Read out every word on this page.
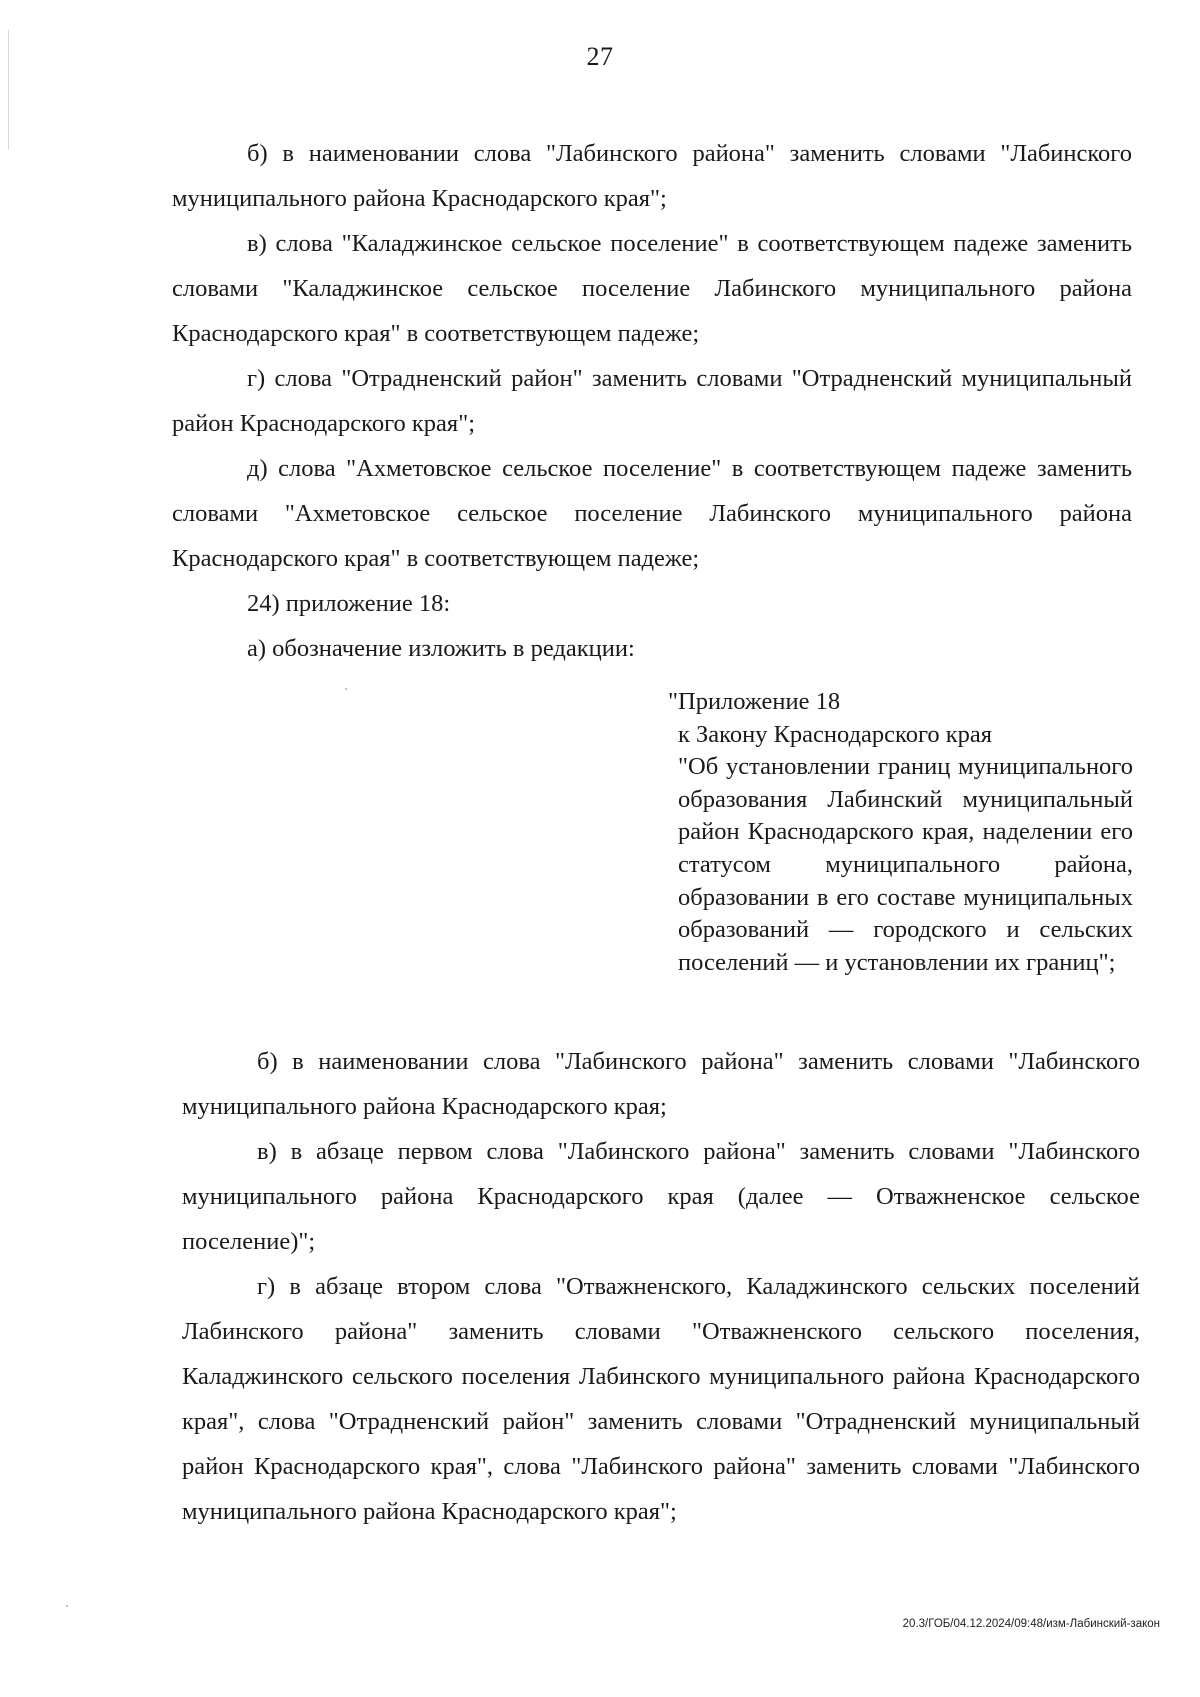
27

б) в наименовании слова "Лабинского района" заменить словами "Лабинского муниципального района Краснодарского края";

в) слова "Каладжинское сельское поселение" в соответствующем падеже заменить словами "Каладжинское сельское поселение Лабинского муниципального района Краснодарского края" в соответствующем падеже;

г) слова "Отрадненский район" заменить словами "Отрадненский муниципальный район Краснодарского края";

д) слова "Ахметовское сельское поселение" в соответствующем падеже заменить словами "Ахметовское сельское поселение Лабинского муниципального района Краснодарского края" в соответствующем падеже;

24) приложение 18:

а) обозначение изложить в редакции:

"Приложение 18

к Закону Краснодарского края

"Об установлении границ муниципального образования Лабинский муниципальный район Краснодарского края, наделении его статусом муниципального района, образовании в его составе муниципальных образований — городского и сельских поселений — и установлении их границ";

б) в наименовании слова "Лабинского района" заменить словами "Лабинского муниципального района Краснодарского края;

в) в абзаце первом слова "Лабинского района" заменить словами "Лабинского муниципального района Краснодарского края (далее — Отважненское сельское поселение)";

г) в абзаце втором слова "Отважненского, Каладжинского сельских поселений Лабинского района" заменить словами "Отважненского сельского поселения, Каладжинского сельского поселения Лабинского муниципального района Краснодарского края", слова "Отрадненский район" заменить словами "Отрадненский муниципальный район Краснодарского края", слова "Лабинского района" заменить словами "Лабинского муниципального района Краснодарского края";

20.3/ГОБ/04.12.2024/09:48/изм-Лабинский-закон
